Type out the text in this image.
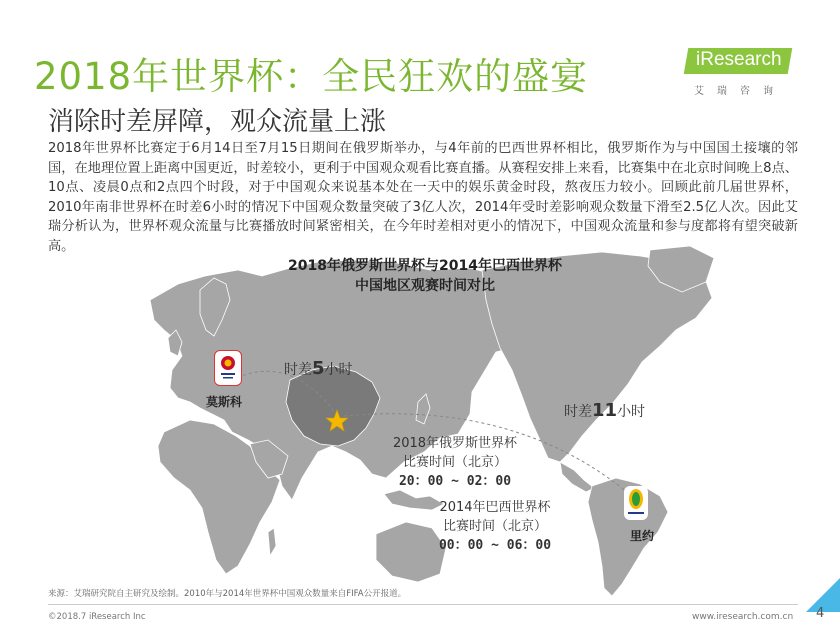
2018年世界杯：全民狂欢的盛宴
消除时差屏障，观众流量上涨
iResearch
艾瑞咨询
2018年世界杯比赛定于6月14日至7月15日期间在俄罗斯举办，与4年前的巴西世界杯相比，俄罗斯作为与中国国土接壤的邻国，在地理位置上距离中国更近，时差较小，更利于中国观众观看比赛直播。从赛程安排上来看，比赛集中在北京时间晚上8点、10点、凌晨0点和2点四个时段，对于中国观众来说基本处在一天中的娱乐黄金时段，熬夜压力较小。回顾此前几届世界杯，2010年南非世界杯在时差6小时的情况下中国观众数量突破了3亿人次，2014年受时差影响观众数量下滑至2.5亿人次。因此艾瑞分析认为，世界杯观众流量与比赛播放时间紧密相关，在今年时差相对更小的情况下，中国观众流量和参与度都将有望突破新高。
2018年俄罗斯世界杯与2014年巴西世界杯
中国地区观赛时间对比
莫斯科
时差5小时
时差11小时
2018年俄罗斯世界杯
比赛时间（北京）
20：00 ~ 02：00
2014年巴西世界杯
比赛时间（北京）
00：00 ~ 06：00
里约
来源：艾瑞研究院自主研究及绘制。2010年与2014年世界杯中国观众数量来自FIFA公开报道。
©2018.7 iResearch Inc	www.iresearch.com.cn 4
